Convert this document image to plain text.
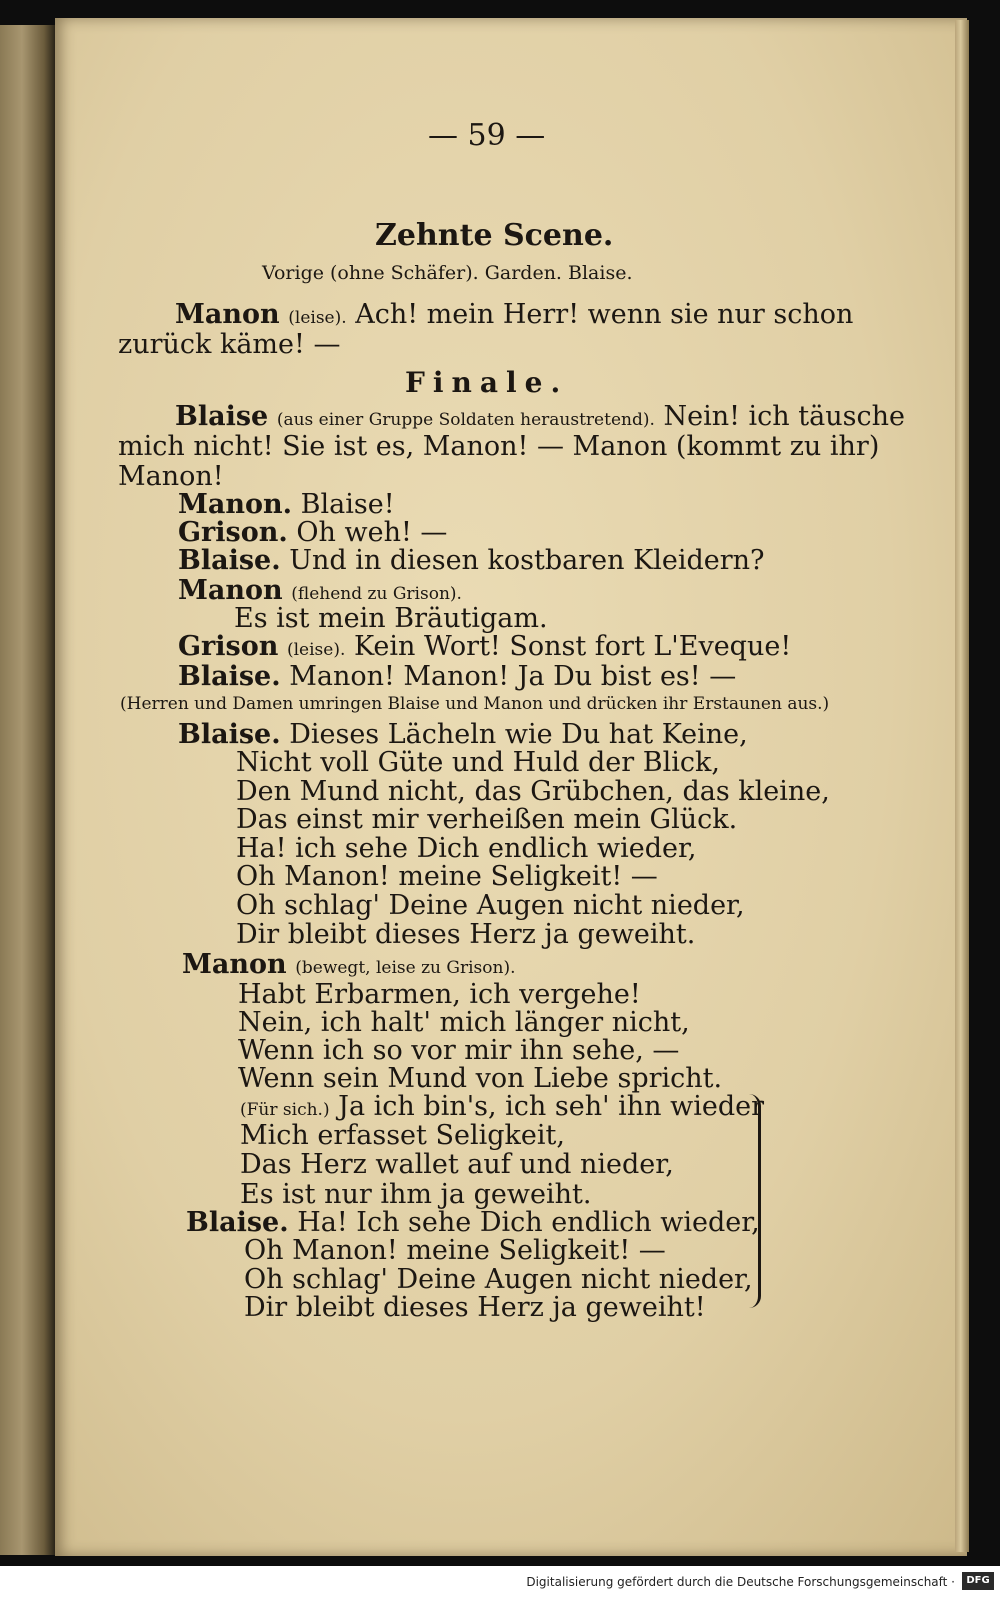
— 59 —
Zehnte Scene.
Vorige (ohne Schäfer). Garden. Blaise.
Manon (leise). Ach! mein Herr! wenn sie nur schon
zurück käme! —
Finale.
Blaise (aus einer Gruppe Soldaten heraustretend). Nein! ich täusche
mich nicht! Sie ist es, Manon! — Manon (kommt zu ihr)
Manon!
Manon. Blaise!
Grison. Oh weh! —
Blaise. Und in diesen kostbaren Kleidern?
Manon (flehend zu Grison).
Es ist mein Bräutigam.
Grison (leise). Kein Wort! Sonst fort L'Eveque!
Blaise. Manon! Manon! Ja Du bist es! —
(Herren und Damen umringen Blaise und Manon und drücken ihr Erstaunen aus.)
Blaise. Dieses Lächeln wie Du hat Keine,
Nicht voll Güte und Huld der Blick,
Den Mund nicht, das Grübchen, das kleine,
Das einst mir verheißen mein Glück.
Ha! ich sehe Dich endlich wieder,
Oh Manon! meine Seligkeit! —
Oh schlag' Deine Augen nicht nieder,
Dir bleibt dieses Herz ja geweiht.
Manon (bewegt, leise zu Grison).
Habt Erbarmen, ich vergehe!
Nein, ich halt' mich länger nicht,
Wenn ich so vor mir ihn sehe, —
Wenn sein Mund von Liebe spricht.
(Für sich.) Ja ich bin's, ich seh' ihn wieder
Mich erfasset Seligkeit,
Das Herz wallet auf und nieder,
Es ist nur ihm ja geweiht.
Blaise. Ha! Ich sehe Dich endlich wieder,
Oh Manon! meine Seligkeit! —
Oh schlag' Deine Augen nicht nieder,
Dir bleibt dieses Herz ja geweiht!
Digitalisierung gefördert durch die Deutsche Forschungsgemeinschaft ·	DFG
